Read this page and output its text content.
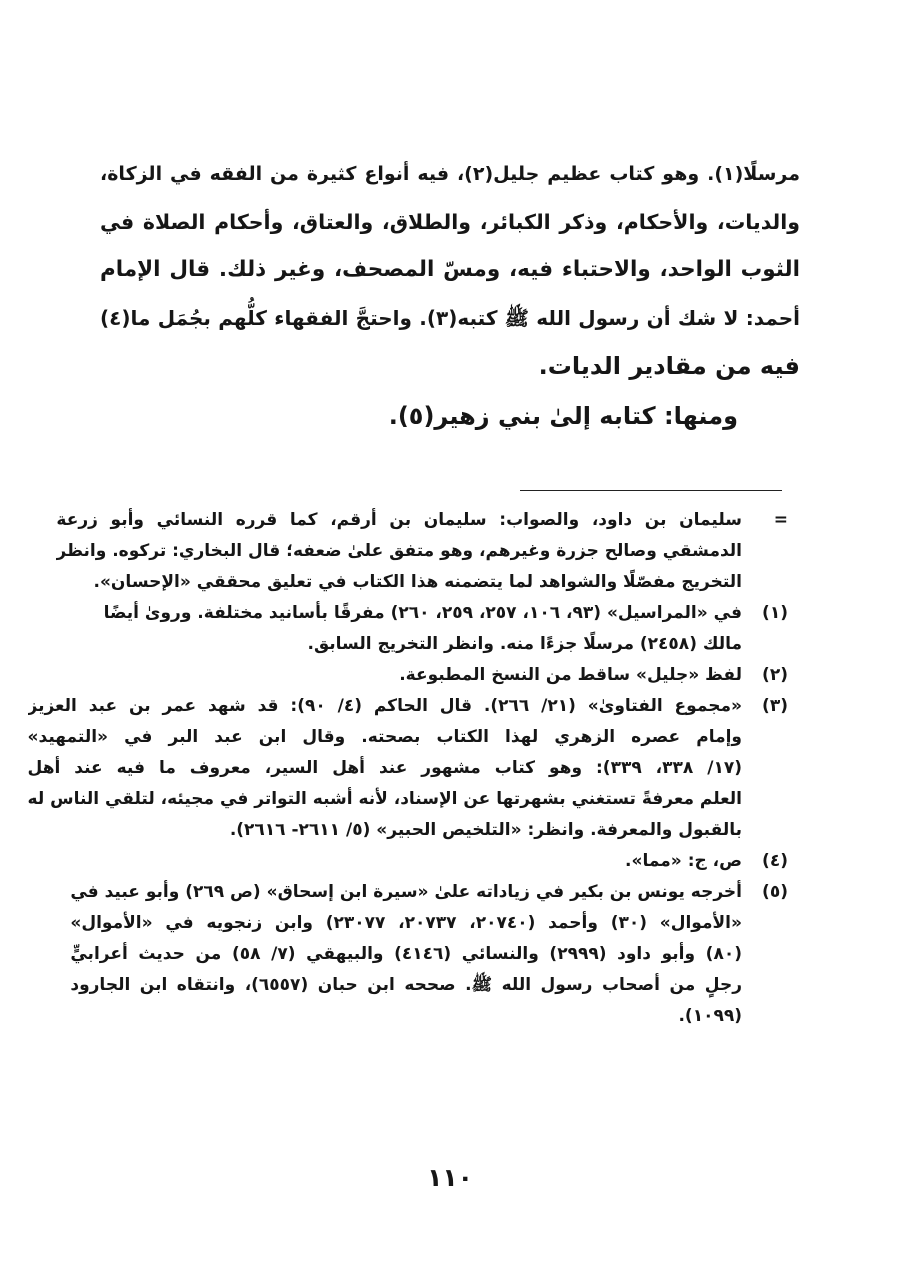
مرسلًا(١). وهو كتاب عظيم جليل(٢)، فيه أنواع كثيرة من الفقه في الزكاة،
والديات، والأحكام، وذكر الكبائر، والطلاق، والعتاق، وأحكام الصلاة في
الثوب الواحد، والاحتباء فيه، ومسّ المصحف، وغير ذلك. قال الإمام
أحمد: لا شك أن رسول الله ﷺ كتبه(٣). واحتجَّ الفقهاء كلُّهم بجُمَل ما(٤)
فيه من مقادير الديات.
ومنها: كتابه إلىٰ بني زهير(٥).
=
سليمان بن داود، والصواب: سليمان بن أرقم، كما قرره النسائي وأبو زرعة
الدمشقي وصالح جزرة وغيرهم، وهو متفق علىٰ ضعفه؛ قال البخاري: تركوه. وانظر
التخريج مفصّلًا والشواهد لما يتضمنه هذا الكتاب في تعليق محققي «الإحسان».
(١)
في «المراسيل» (٩٣، ١٠٦، ٢٥٧، ٢٥٩، ٢٦٠) مفرقًا بأسانيد مختلفة. وروىٰ أيضًا
مالك (٢٤٥٨) مرسلًا جزءًا منه. وانظر التخريج السابق.
(٢)
لفظ «جليل» ساقط من النسخ المطبوعة.
(٣)
«مجموع الفتاوىٰ» (٢١/ ٢٦٦). قال الحاكم (٤/ ٩٠): قد شهد عمر بن عبد العزيز
وإمام عصره الزهري لهذا الكتاب بصحته. وقال ابن عبد البر في «التمهيد»
(١٧/ ٣٣٨، ٣٣٩): وهو كتاب مشهور عند أهل السير، معروف ما فيه عند أهل
العلم معرفةً تستغني بشهرتها عن الإسناد، لأنه أشبه التواتر في مجيئه، لتلقي الناس له
بالقبول والمعرفة. وانظر: «التلخيص الحبير» (٥/ ٢٦١١- ٢٦١٦).
(٤)
ص، ج: «مما».
(٥)
أخرجه يونس بن بكير في زياداته علىٰ «سيرة ابن إسحاق» (ص ٢٦٩) وأبو عبيد في
«الأموال» (٣٠) وأحمد (٢٠٧٤٠، ٢٠٧٣٧، ٢٣٠٧٧) وابن زنجويه في «الأموال»
(٨٠) وأبو داود (٢٩٩٩) والنسائي (٤١٤٦) والبيهقي (٧/ ٥٨) من حديث أعرابيٍّ
رجلٍ من أصحاب رسول الله ﷺ. صححه ابن حبان (٦٥٥٧)، وانتقاه ابن الجارود
(١٠٩٩).
١١٠
